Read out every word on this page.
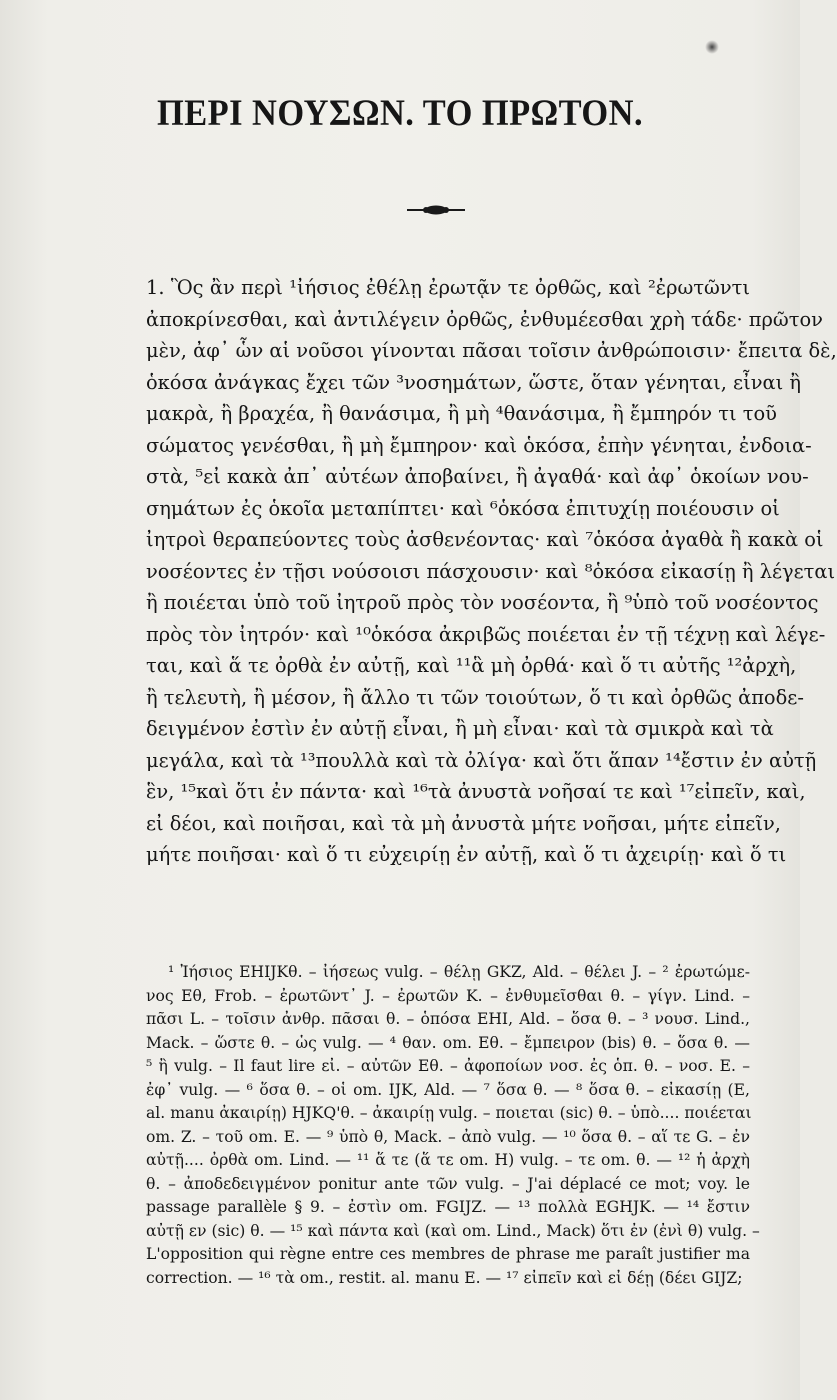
ΠΕΡΙ ΝΟΥΣΩΝ. ΤΟ ΠΡΩΤΟΝ.
1. Ὃς ἂν περὶ ¹ἰήσιος ἐθέλῃ ἐρωτᾷν τε ὀρθῶς, καὶ ²ἐρωτῶντι
ἀποκρίνεσθαι, καὶ ἀντιλέγειν ὀρθῶς, ἐνθυμέεσθαι χρὴ τάδε· πρῶτον
μὲν, ἀφ᾽ ὧν αἱ νοῦσοι γίνονται πᾶσαι τοῖσιν ἀνθρώποισιν· ἔπειτα δὲ,
ὁκόσα ἀνάγκας ἔχει τῶν ³νοσημάτων, ὥστε, ὅταν γένηται, εἶναι ἢ
μακρὰ, ἢ βραχέα, ἢ θανάσιμα, ἢ μὴ ⁴θανάσιμα, ἢ ἔμπηρόν τι τοῦ
σώματος γενέσθαι, ἢ μὴ ἔμπηρον· καὶ ὁκόσα, ἐπὴν γένηται, ἐνδοια-
στὰ, ⁵εἰ κακὰ ἀπ᾽ αὐτέων ἀποβαίνει, ἢ ἀγαθά· καὶ ἀφ᾽ ὁκοίων νου-
σημάτων ἐς ὁκοῖα μεταπίπτει· καὶ ⁶ὁκόσα ἐπιτυχίῃ ποιέουσιν οἱ
ἰητροὶ θεραπεύοντες τοὺς ἀσθενέοντας· καὶ ⁷ὁκόσα ἀγαθὰ ἢ κακὰ οἱ
νοσέοντες ἐν τῇσι νούσοισι πάσχουσιν· καὶ ⁸ὁκόσα εἰκασίῃ ἢ λέγεται
ἢ ποιέεται ὑπὸ τοῦ ἰητροῦ πρὸς τὸν νοσέοντα, ἢ ⁹ὑπὸ τοῦ νοσέοντος
πρὸς τὸν ἰητρόν· καὶ ¹⁰ὁκόσα ἀκριβῶς ποιέεται ἐν τῇ τέχνῃ καὶ λέγε-
ται, καὶ ἅ τε ὀρθὰ ἐν αὐτῇ, καὶ ¹¹ἃ μὴ ὀρθά· καὶ ὅ τι αὐτῆς ¹²ἀρχὴ,
ἢ τελευτὴ, ἢ μέσον, ἢ ἄλλο τι τῶν τοιούτων, ὅ τι καὶ ὀρθῶς ἀποδε-
δειγμένον ἐστὶν ἐν αὐτῇ εἶναι, ἢ μὴ εἶναι· καὶ τὰ σμικρὰ καὶ τὰ
μεγάλα, καὶ τὰ ¹³πουλλὰ καὶ τὰ ὀλίγα· καὶ ὅτι ἅπαν ¹⁴ἔστιν ἐν αὐτῇ
ἓν, ¹⁵καὶ ὅτι ἐν πάντα· καὶ ¹⁶τὰ ἀνυστὰ νοῆσαί τε καὶ ¹⁷εἰπεῖν, καὶ,
εἰ δέοι, καὶ ποιῆσαι, καὶ τὰ μὴ ἀνυστὰ μήτε νοῆσαι, μήτε εἰπεῖν,
μήτε ποιῆσαι· καὶ ὅ τι εὐχειρίῃ ἐν αὐτῇ, καὶ ὅ τι ἀχειρίῃ· καὶ ὅ τι
¹ Ἰήσιος EHIJKθ. – ἰήσεως vulg. – θέλῃ GKZ, Ald. – θέλει J. – ² ἐρωτώμε-
νος Eθ, Frob. – ἐρωτῶντ᾽ J. – ἐρωτῶν K. – ἐνθυμεῖσθαι θ. – γίγν. Lind. –
πᾶσι L. – τοῖσιν ἀνθρ. πᾶσαι θ. – ὁπόσα EHI, Ald. – ὅσα θ. – ³ νουσ. Lind.,
Mack. – ὥστε θ. – ὡς vulg. — ⁴ θαν. om. Eθ. – ἔμπειρον (bis) θ. – ὅσα θ. —
⁵ ἢ vulg. – Il faut lire εἰ. – αὐτῶν Eθ. – ἀφοποίων νοσ. ἐς ὁπ. θ. – νοσ. E. –
ἐφ᾽ vulg. — ⁶ ὅσα θ. – οἱ om. IJK, Ald. — ⁷ ὅσα θ. — ⁸ ὅσα θ. – εἰκασίῃ (E,
al. manu ἀκαιρίῃ) HJKQ'θ. – ἀκαιρίῃ vulg. – ποιεται (sic) θ. – ὑπὸ.... ποιέεται
om. Z. – τοῦ om. E. — ⁹ ὑπὸ θ, Mack. – ἀπὸ vulg. — ¹⁰ ὅσα θ. – αἵ τε G. – ἐν
αὐτῇ.... ὀρθὰ om. Lind. — ¹¹ ἅ τε (ἅ τε om. H) vulg. – τε om. θ. — ¹² ἡ ἀρχὴ
θ. – ἀποδεδειγμένον ponitur ante τῶν vulg. – J'ai déplacé ce mot; voy. le
passage parallèle § 9. – ἐστὶν om. FGIJZ. — ¹³ πολλὰ EGHJK. — ¹⁴ ἔστιν
αὐτῇ εν (sic) θ. — ¹⁵ καὶ πάντα καὶ (καὶ om. Lind., Mack) ὅτι ἐν (ἐνὶ θ) vulg. –
L'opposition qui règne entre ces membres de phrase me paraît justifier ma
correction. — ¹⁶ τὰ om., restit. al. manu E. — ¹⁷ εἰπεῖν καὶ εἰ δέῃ (δέει GIJZ;
